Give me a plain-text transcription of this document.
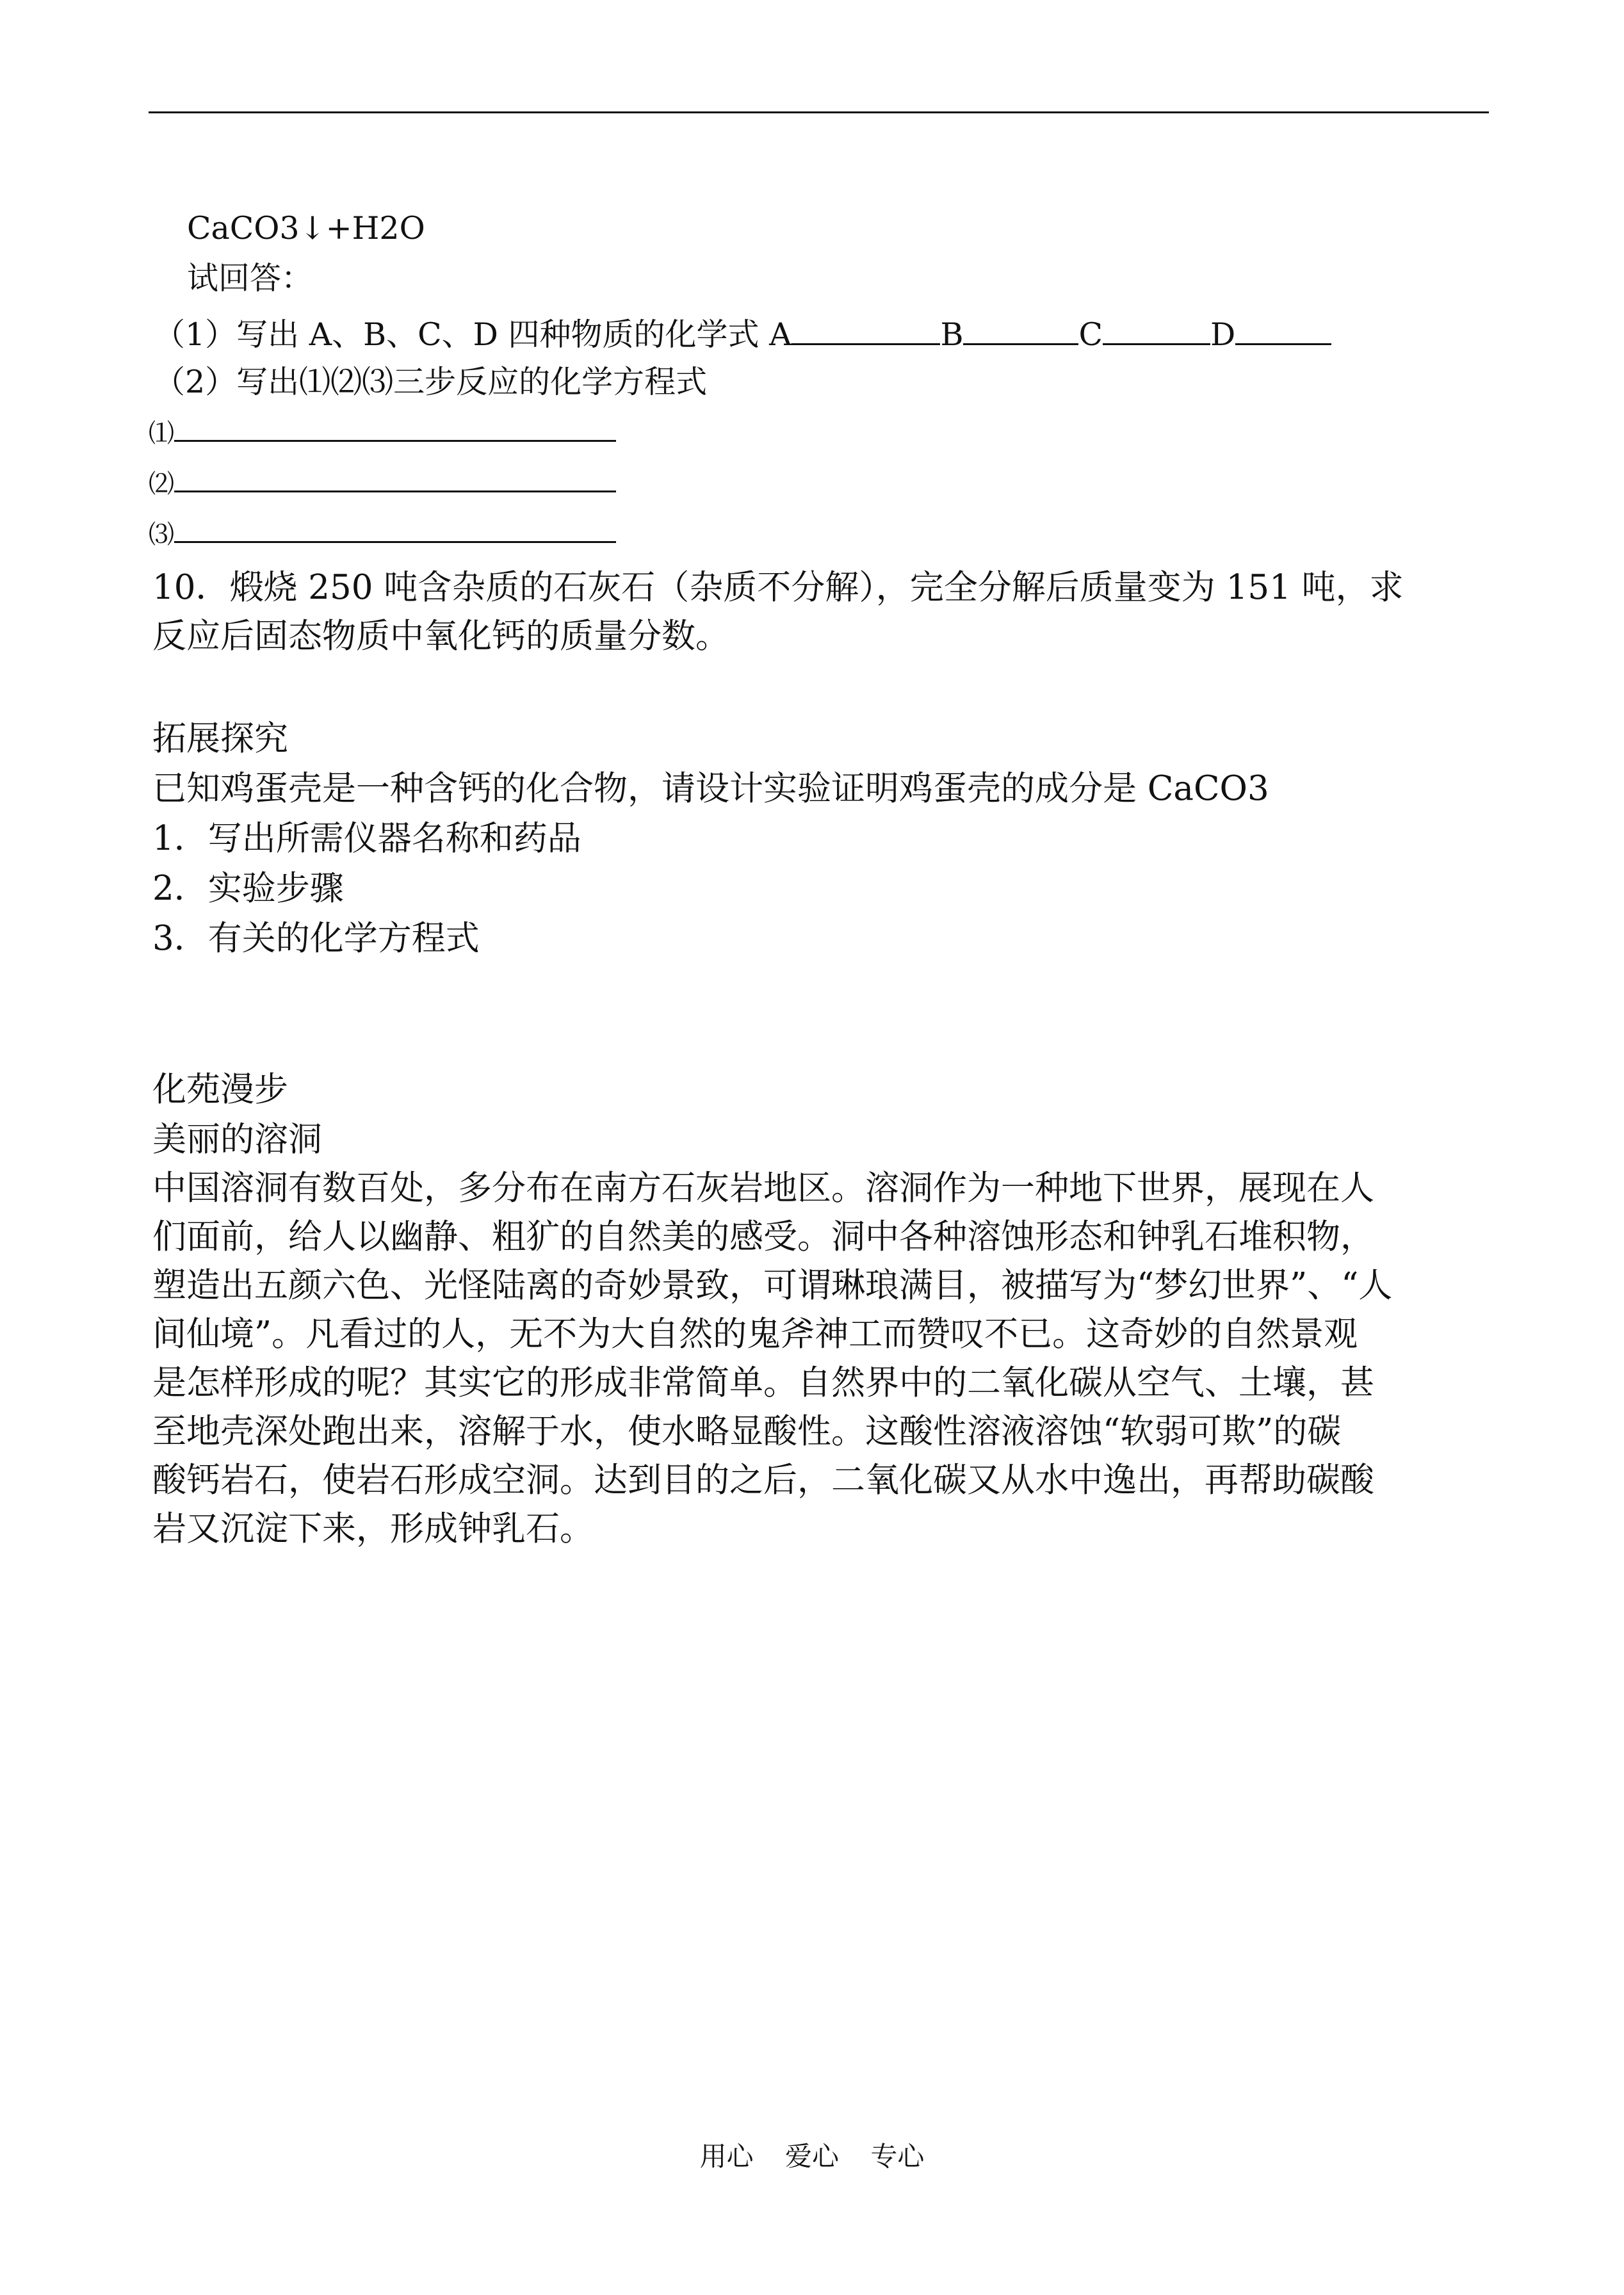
CaCO3↓+H2O
试回答：
（1）写出 A、B、C、D 四种物质的化学式 A	B	C	D
（2）写出⑴⑵⑶三步反应的化学方程式
⑴
⑵
⑶
10．煅烧 250 吨含杂质的石灰石（杂质不分解），完全分解后质量变为 151 吨，求
反应后固态物质中氧化钙的质量分数。
拓展探究
已知鸡蛋壳是一种含钙的化合物，请设计实验证明鸡蛋壳的成分是 CaCO3
1．写出所需仪器名称和药品
2．实验步骤
3．有关的化学方程式
化苑漫步
美丽的溶洞
中国溶洞有数百处，多分布在南方石灰岩地区。溶洞作为一种地下世界，展现在人
们面前，给人以幽静、粗犷的自然美的感受。洞中各种溶蚀形态和钟乳石堆积物，
塑造出五颜六色、光怪陆离的奇妙景致，可谓琳琅满目，被描写为“梦幻世界”、“人
间仙境”。凡看过的人，无不为大自然的鬼斧神工而赞叹不已。这奇妙的自然景观
是怎样形成的呢？其实它的形成非常简单。自然界中的二氧化碳从空气、土壤，甚
至地壳深处跑出来，溶解于水，使水略显酸性。这酸性溶液溶蚀“软弱可欺”的碳
酸钙岩石，使岩石形成空洞。达到目的之后，二氧化碳又从水中逸出，再帮助碳酸
岩又沉淀下来，形成钟乳石。
用心 爱心 专心
